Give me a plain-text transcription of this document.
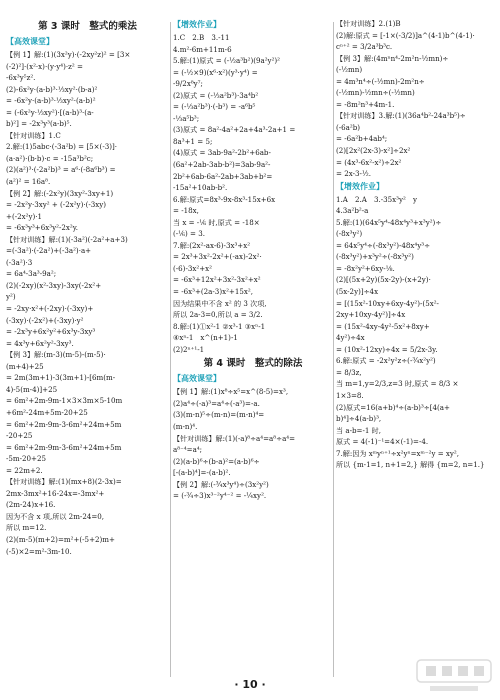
第 3 课时　整式的乘法
【高效课堂】
【例 1】解:(1)(3x²y)·(-2xy²z)² = [3×
(-2)²]·(x²·x)·(y·y⁴)·z² =
-6x³y⁵z².
(2)-6x²y·(a-b)³·⅓xy²·(b-a)²
= -6x²y·(a-b)³·⅓xy²·(a-b)²
= (-6x²y·⅓xy²)·[(a-b)³·(a-
b)²] = -2x³y³(a-b)⁵.
【针对训练】1.C
2.解:(1)5abc·(-3a²b) = [5×(-3)]·
(a·a²)·(b·b)·c = -15a³b²c;
(2)(a²)³·(-2a²b)³ = a⁶·(-8a⁶b³) =
(a²)² = 16a⁸.
【例 2】解:(-2x²y)(3xy²-3xy+1)
= -2x²y·3xy² + (-2x²y)·(-3xy)
+(-2x²y)·1
= -6x³y³+6x³y²-2x²y.
【针对训练】解:(1)(-3a²)(-2a²+a+3)
=(-3a²)·(-2a²)+(-3a²)·a+
(-3a²)·3
= 6a⁴-3a³-9a²;
(2)(-2xy)(x²-3xy)-3xy(-2x²+
y²)
= -2xy·x²+(-2xy)·(-3xy)+
(-3xy)·(-2x²)+(-3xy)·y²
= -2x³y+6x²y²+6x³y-3xy³
= 4x³y+6x²y²-3xy³.
【例 3】解:(m-3)(m-5)-(m-5)·
(m+4)+25
= 2m(3m+1)-3(3m+1)-[6m(m-
4)-5(m-4)]+25
= 6m²+2m-9m-1×3×3m×5-10m
+6m²-24m+5m-20+25
= 6m²+2m-9m-3-6m²+24m+5m
-20+25
= 6m²+2m-9m-3-6m²+24m+5m
-5m-20+25
= 22m+2.
【针对训练】解:(1)(mx+8)(2-3x)=
2mx-3mx²+16-24x=-3mx²+
(2m-24)x+16.
因为不含 x 项,所以 2m-24=0,
所以 m=12.
(2)(m-5)(m+2)=m²+(-5+2)m+
(-5)×2=m²-3m-10.
【增效作业】
1.C　2.B　3.-11
4.m²-6m+11m-6
5.解:(1)原式 = (-½a³b²)(9a²y²)²
= (-½×9)(x⁶·x²)(y³·y⁴) =
-9/2x⁸y⁷;
(2)原式 = (-⅓a²b³)·3a⁴b²
= (-⅓a²b³)·(-b³) = -a⁶b⁵
-⅓a⁵b³;
(3)原式 = 8a²-4a²+2a+4a³-2a+1 =
8a³+1 = 5;
(4)原式 = 3ab-9a²-2b²+6ab-
(6a²+2ab-3ab-b²)=3ab-9a²-
2b²+6ab-6a²-2ab+3ab+b²=
-15a²+10ab-b².
6.解:原式=8x³-9x-8x³-15x+6x
= -18x,
当 x = -⅙ 时,原式 = -18×
(-⅙) = 3.
7.解:(2x²-ax-6)-3x³+x²
= 2x³+3x²-2x²+(-ax)-2x²·
(-6)-3x²+x²
= -6x³+12x²+3x²-3x²+x²
= -6x³+(2a-3)x²+15x²,
因为结果中不含 x² 的 3 次项,
所以 2a-3=0,所以 a = 3/2.
8.解:(1)①x²-1 ②x³-1 ③xⁿ-1
④xⁿ-1　x^(n+1)-1
(2)2ⁿ⁺¹-1
第 4 课时　整式的除法
【高效课堂】
【例 1】解:(1)x⁸÷x⁵=x^(8-5)=x³,
(2)a⁴÷(-a)³=a⁴÷(-a³)=-a.
(3)(m-n)⁵÷(m-n)=(m-n)⁴=
(m-n)⁴.
【针对训练】解:(1)(-a)⁸÷a⁴=a⁸÷a⁴=
a⁸⁻⁴=a⁴;
(2)(a-b)⁶÷(b-a)²=(a-b)⁶÷
[-(a-b)⁴]=-(a-b)².
【例 2】解:(-¾x³y⁴)÷(3x²y²)
= (-¾÷3)x³⁻²y⁴⁻² = -¼xy².
【针对训练】2.(1)B
(2)解:原式 = [-1×(-3/2)]a^(4-1)b^(4-1)·
cⁿ⁺² = 3/2a³b³c.
【例 3】解:(4mⁿn⁴-2m²n-½mn)÷
(-½mn)
= 4m³n⁴÷(-½mn)-2m²n÷
(-½mn)-½mn÷(-½mn)
= -8m²n³+4m-1.
【针对训练】3.解:(1)(36a⁴b²-24a³b⁵)÷
(-6a²b)
= -6a²b+4ab⁴;
(2)[2x²(2x-3)-x²]÷2x²
= (4x³-6x²-x²)÷2x²
= 2x-3-½.
【增效作业】
1.A　2.A　3.-35x³y²　y
4.3a²b²-a
5.解:(1)(64x⁵y⁴-48x⁴y³+x³y²)÷
(-8x³y²)
= 64x⁵y⁴÷(-8x³y²)-48x⁴y³÷
(-8x³y²)+x³y²÷(-8x³y²)
= -8x²y²+6xy-⅛.
(2)[(5x+2y)(5x-2y)-(x+2y)·
(5x-2y)]÷4x
= [(15x²-10xy+6xy-4y²)-(5x²-
2xy+10xy-4y²)]÷4x
= (15x²-4xy-4y²-5x²+8xy+
4y²)÷4x
= (10x²-12xy)÷4x = 5/2x-3y.
6.解:原式 = -2x²y²z÷(-¾x²y²)
= 8/3z,
当 m=1,y=2/3,z=3 时,原式 = 8/3 ×
1×3=8.
(2)原式=16(a+b)⁴÷(a-b)³÷[4(a+
b)⁴]÷4(a-b)³,
当 a-b=-1 时,
原式 = 4(-1)⁻¹=4×(-1)=-4.
7.解:因为 xᵐyⁿ⁺¹÷x²yⁿ=xᵐ⁻²y = xy²,
所以 {m-1=1, n+1=2,} 解得 {m=2, n=1.}
· 10 ·
